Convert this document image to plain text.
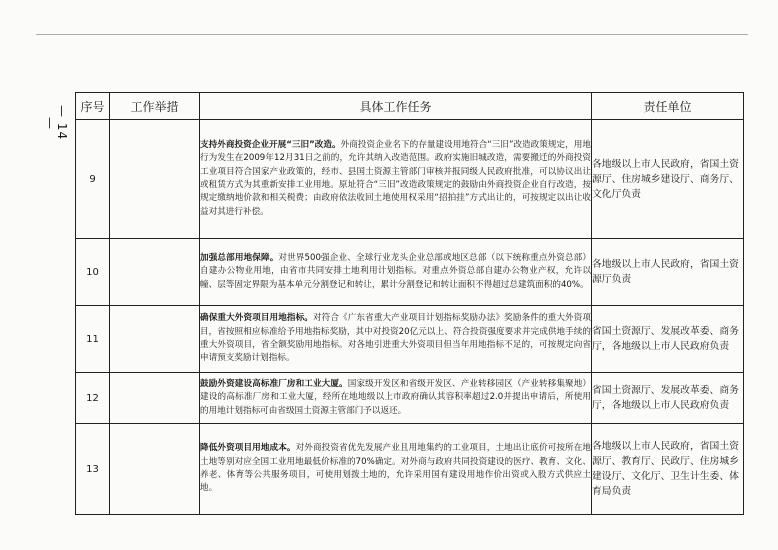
— 14 —
序号	工作举措	具体工作任务	责任单位
9		支持外商投资企业开展“三旧”改造。外商投资企业名下的存量建设用地符合“三旧”改造政策规定，用地行为发生在2009年12月31日之前的，允许其纳入改造范围。政府实施旧城改造，需要搬迁的外商投资工业项目符合国家产业政策的，经市、县国土资源主管部门审核并报同级人民政府批准，可以协议出让或租赁方式为其重新安排工业用地。原址符合“三旧”改造政策规定的鼓励由外商投资企业自行改造，按规定缴纳地价款和相关税费；由政府依法收回土地使用权采用“招拍挂”方式出让的，可按规定以出让收益对其进行补偿。	各地级以上市人民政府，省国土资源厅、住房城乡建设厅、商务厅、文化厅负责
10		加强总部用地保障。对世界500强企业、全球行业龙头企业总部或地区总部（以下统称重点外资总部）自建办公物业用地，由省市共同安排土地利用计划指标。对重点外资总部自建办公物业产权，允许以幢、层等固定界限为基本单元分割登记和转让，累计分割登记和转让面积不得超过总建筑面积的40%。	各地级以上市人民政府，省国土资源厅负责
11		确保重大外资项目用地指标。对符合《广东省重大产业项目计划指标奖励办法》奖励条件的重大外资项目，省按照相应标准给予用地指标奖励，其中对投资20亿元以上、符合投资强度要求并完成供地手续的重大外资项目，省全额奖励用地指标。对各地引进重大外资项目但当年用地指标不足的，可按规定向省申请预支奖励计划指标。	省国土资源厅、发展改革委、商务厅，各地级以上市人民政府负责
12		鼓励外资建设高标准厂房和工业大厦。国家级开发区和省级开发区、产业转移园区（产业转移集聚地）建设的高标准厂房和工业大厦，经所在地地级以上市政府确认其容积率超过2.0并提出申请后，所使用的用地计划指标可由省级国土资源主管部门予以返还。	省国土资源厅、发展改革委、商务厅，各地级以上市人民政府负责
13		降低外资项目用地成本。对外商投资省优先发展产业且用地集约的工业项目，土地出让底价可按所在地土地等别对应全国工业用地最低价标准的70%确定。对外商与政府共同投资建设的医疗、教育、文化、养老、体育等公共服务项目，可使用划拨土地的，允许采用国有建设用地作价出资或入股方式供应土地。	各地级以上市人民政府，省国土资源厅、教育厅、民政厅、住房城乡建设厅、文化厅、卫生计生委、体育局负责
